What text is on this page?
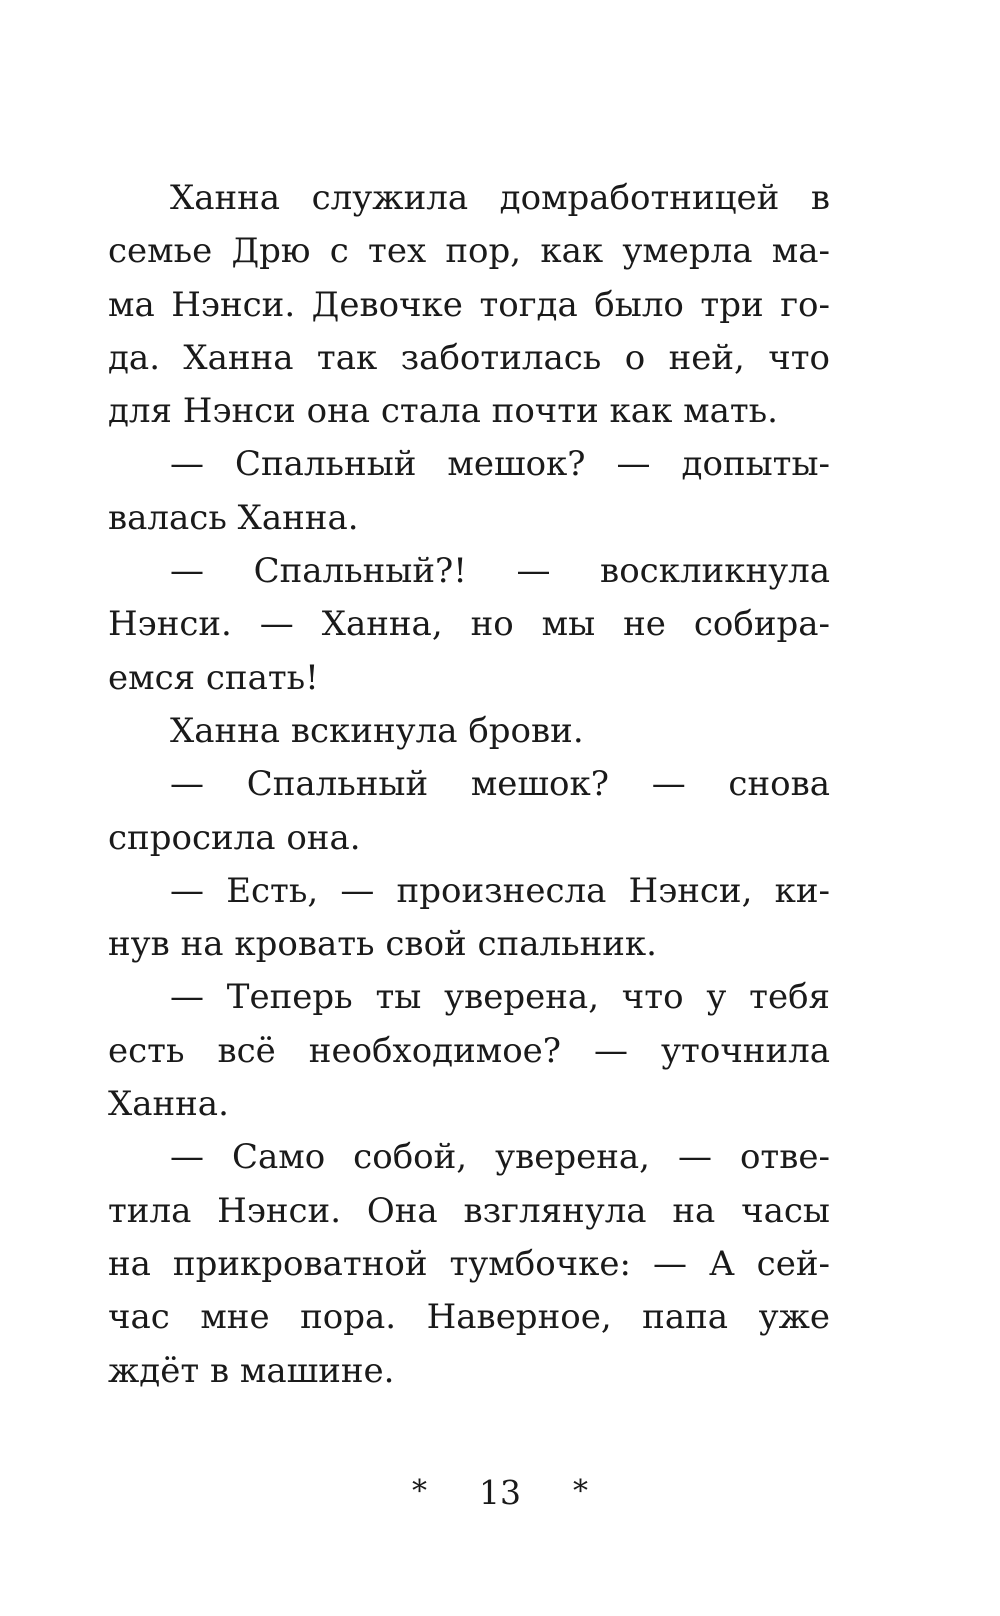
Ханна служила домработницей в
семье Дрю с тех пор, как умерла ма-
ма Нэнси. Девочке тогда было три го-
да. Ханна так заботилась о ней, что
для Нэнси она стала почти как мать.
— Спальный мешок? — допыты-
валась Ханна.
— Спальный?! — воскликнула
Нэнси. — Ханна, но мы не собира-
емся спать!
Ханна вскинула брови.
— Спальный мешок? — снова
спросила она.
— Есть, — произнесла Нэнси, ки-
нув на кровать свой спальник.
— Теперь ты уверена, что у тебя
есть всё необходимое? — уточнила
Ханна.
— Само собой, уверена, — отве-
тила Нэнси. Она взглянула на часы
на прикроватной тумбочке: — А сей-
час мне пора. Наверное, папа уже
ждёт в машине.
* 13 *
